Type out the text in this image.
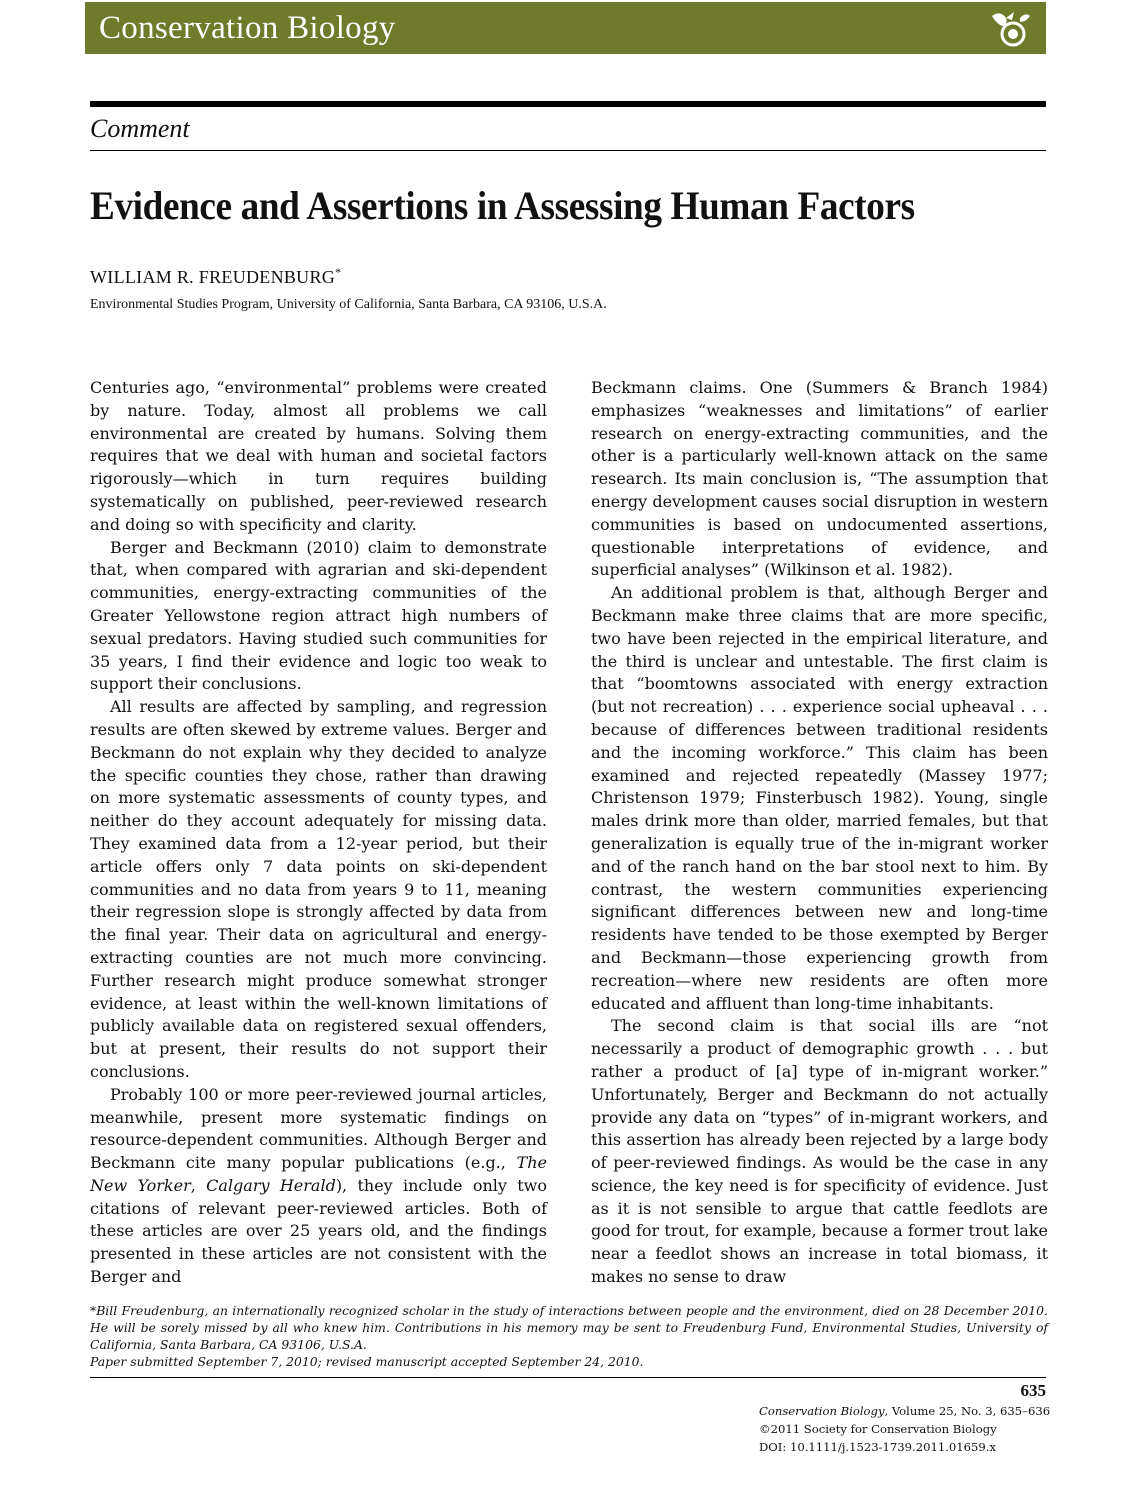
Conservation Biology
Comment
Evidence and Assertions in Assessing Human Factors
WILLIAM R. FREUDENBURG*
Environmental Studies Program, University of California, Santa Barbara, CA 93106, U.S.A.

Centuries ago, “environmental” problems were created by nature. Today, almost all problems we call environmental are created by humans. Solving them requires that we deal with human and societal factors rigorously—which in turn requires building systematically on published, peer-reviewed research and doing so with specificity and clarity.

Berger and Beckmann (2010) claim to demonstrate that, when compared with agrarian and ski-dependent communities, energy-extracting communities of the Greater Yellowstone region attract high numbers of sexual predators. Having studied such communities for 35 years, I find their evidence and logic too weak to support their conclusions.

All results are affected by sampling, and regression results are often skewed by extreme values. Berger and Beckmann do not explain why they decided to analyze the specific counties they chose, rather than drawing on more systematic assessments of county types, and neither do they account adequately for missing data. They examined data from a 12-year period, but their article offers only 7 data points on ski-dependent communities and no data from years 9 to 11, meaning their regression slope is strongly affected by data from the final year. Their data on agricultural and energy-extracting counties are not much more convincing. Further research might produce somewhat stronger evidence, at least within the well-known limitations of publicly available data on registered sexual offenders, but at present, their results do not support their conclusions.

Probably 100 or more peer-reviewed journal articles, meanwhile, present more systematic findings on resource-dependent communities. Although Berger and Beckmann cite many popular publications (e.g., The New Yorker, Calgary Herald), they include only two citations of relevant peer-reviewed articles. Both of these articles are over 25 years old, and the findings presented in these articles are not consistent with the Berger and

Beckmann claims. One (Summers & Branch 1984) emphasizes “weaknesses and limitations” of earlier research on energy-extracting communities, and the other is a particularly well-known attack on the same research. Its main conclusion is, “The assumption that energy development causes social disruption in western communities is based on undocumented assertions, questionable interpretations of evidence, and superficial analyses” (Wilkinson et al. 1982).

An additional problem is that, although Berger and Beckmann make three claims that are more specific, two have been rejected in the empirical literature, and the third is unclear and untestable. The first claim is that “boomtowns associated with energy extraction (but not recreation) . . . experience social upheaval . . . because of differences between traditional residents and the incoming workforce.” This claim has been examined and rejected repeatedly (Massey 1977; Christenson 1979; Finsterbusch 1982). Young, single males drink more than older, married females, but that generalization is equally true of the in-migrant worker and of the ranch hand on the bar stool next to him. By contrast, the western communities experiencing significant differences between new and long-time residents have tended to be those exempted by Berger and Beckmann—those experiencing growth from recreation—where new residents are often more educated and affluent than long-time inhabitants.

The second claim is that social ills are “not necessarily a product of demographic growth . . . but rather a product of [a] type of in-migrant worker.” Unfortunately, Berger and Beckmann do not actually provide any data on “types” of in-migrant workers, and this assertion has already been rejected by a large body of peer-reviewed findings. As would be the case in any science, the key need is for specificity of evidence. Just as it is not sensible to argue that cattle feedlots are good for trout, for example, because a former trout lake near a feedlot shows an increase in total biomass, it makes no sense to draw

*Bill Freudenburg, an internationally recognized scholar in the study of interactions between people and the environment, died on 28 December 2010. He will be sorely missed by all who knew him. Contributions in his memory may be sent to Freudenburg Fund, Environmental Studies, University of California, Santa Barbara, CA 93106, U.S.A.

Paper submitted September 7, 2010; revised manuscript accepted September 24, 2010.

635
Conservation Biology, Volume 25, No. 3, 635–636
©2011 Society for Conservation Biology
DOI: 10.1111/j.1523-1739.2011.01659.x
